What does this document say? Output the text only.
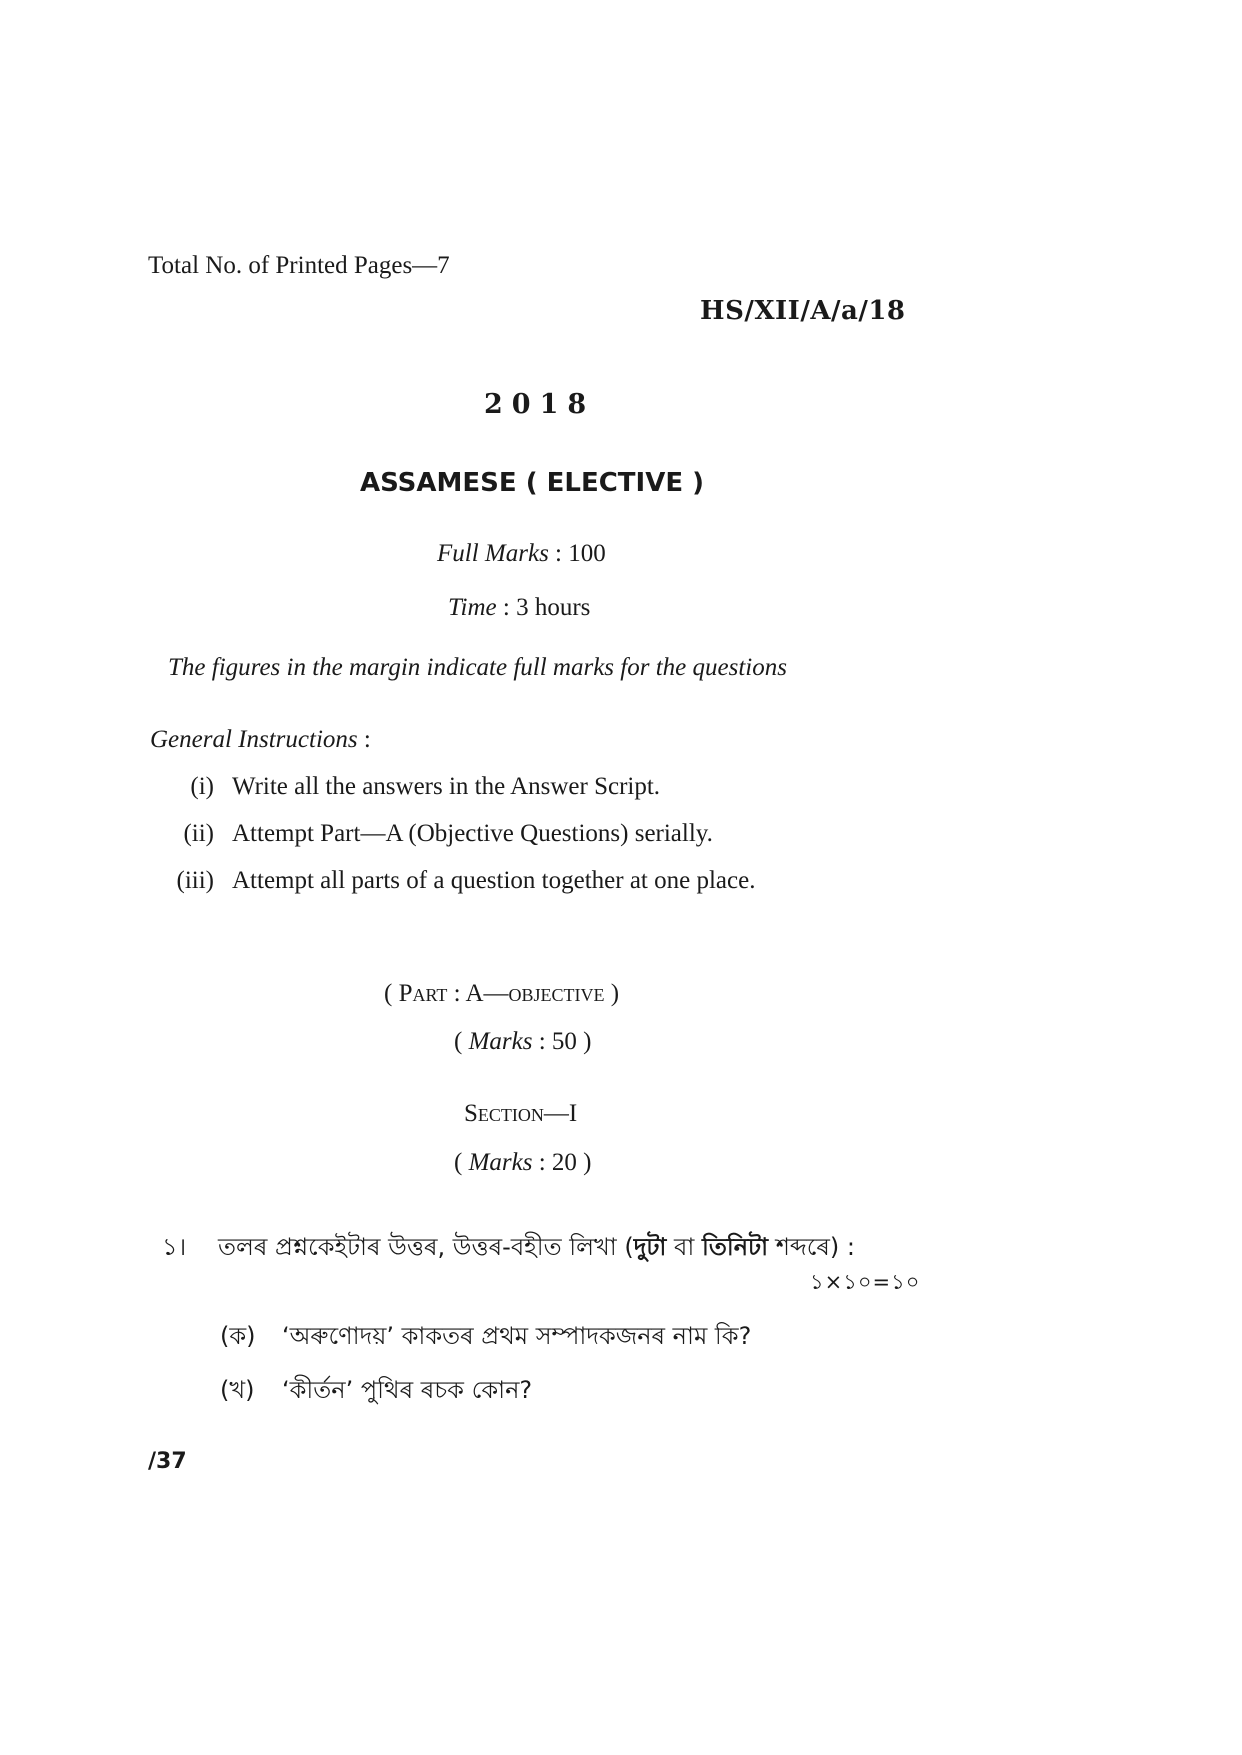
Total No. of Printed Pages—7
HS/XII/A/a/18
2018
ASSAMESE ( ELECTIVE )
Full Marks : 100
Time : 3 hours
The figures in the margin indicate full marks for the questions
General Instructions :
(i) Write all the answers in the Answer Script.
(ii) Attempt Part—A (Objective Questions) serially.
(iii) Attempt all parts of a question together at one place.
( Part : A—objective )
( Marks : 50 )
Section—I
( Marks : 20 )
১। তলৰ প্ৰশ্নকেইটাৰ উত্তৰ, উত্তৰ-বহীত লিখা (দুটা বা তিনিটা শব্দৰে) :
১×১০=১০
(ক) ‘অৰুণোদয়’ কাকতৰ প্ৰথম সম্পাদকজনৰ নাম কি?
(খ) ‘কীৰ্তন’ পুথিৰ ৰচক কোন?
/37
